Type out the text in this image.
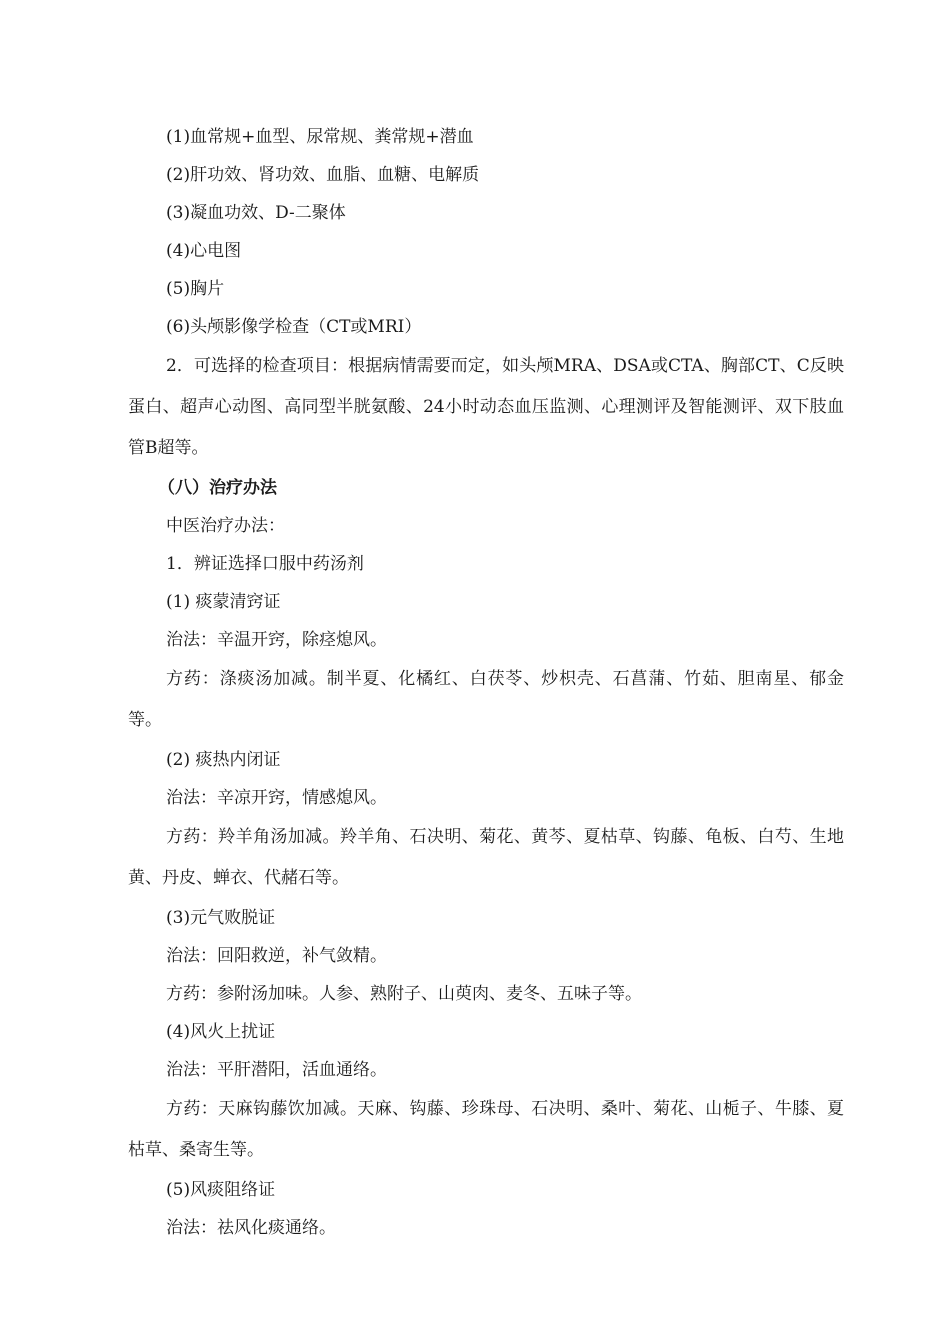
(1)血常规+血型、尿常规、粪常规+潜血
(2)肝功效、肾功效、血脂、血糖、电解质
(3)凝血功效、D-二聚体
(4)心电图
(5)胸片
(6)头颅影像学检查（CT或MRI）
2．可选择的检查项目：根据病情需要而定，如头颅MRA、DSA或CTA、胸部CT、C反映蛋白、超声心动图、高同型半胱氨酸、24小时动态血压监测、心理测评及智能测评、双下肢血管B超等。
（八）治疗办法
中医治疗办法：
1．辨证选择口服中药汤剂
(1) 痰蒙清窍证
治法：辛温开窍，除痉熄风。
方药：涤痰汤加减。制半夏、化橘红、白茯苓、炒枳壳、石菖蒲、竹茹、胆南星、郁金等。
(2) 痰热内闭证
治法：辛凉开窍，情感熄风。
方药：羚羊角汤加减。羚羊角、石决明、菊花、黄芩、夏枯草、钩藤、龟板、白芍、生地黄、丹皮、蝉衣、代赭石等。
(3)元气败脱证
治法：回阳救逆，补气敛精。
方药：参附汤加味。人参、熟附子、山萸肉、麦冬、五味子等。
(4)风火上扰证
治法：平肝潜阳，活血通络。
方药：天麻钩藤饮加减。天麻、钩藤、珍珠母、石决明、桑叶、菊花、山栀子、牛膝、夏枯草、桑寄生等。
(5)风痰阻络证
治法：祛风化痰通络。
